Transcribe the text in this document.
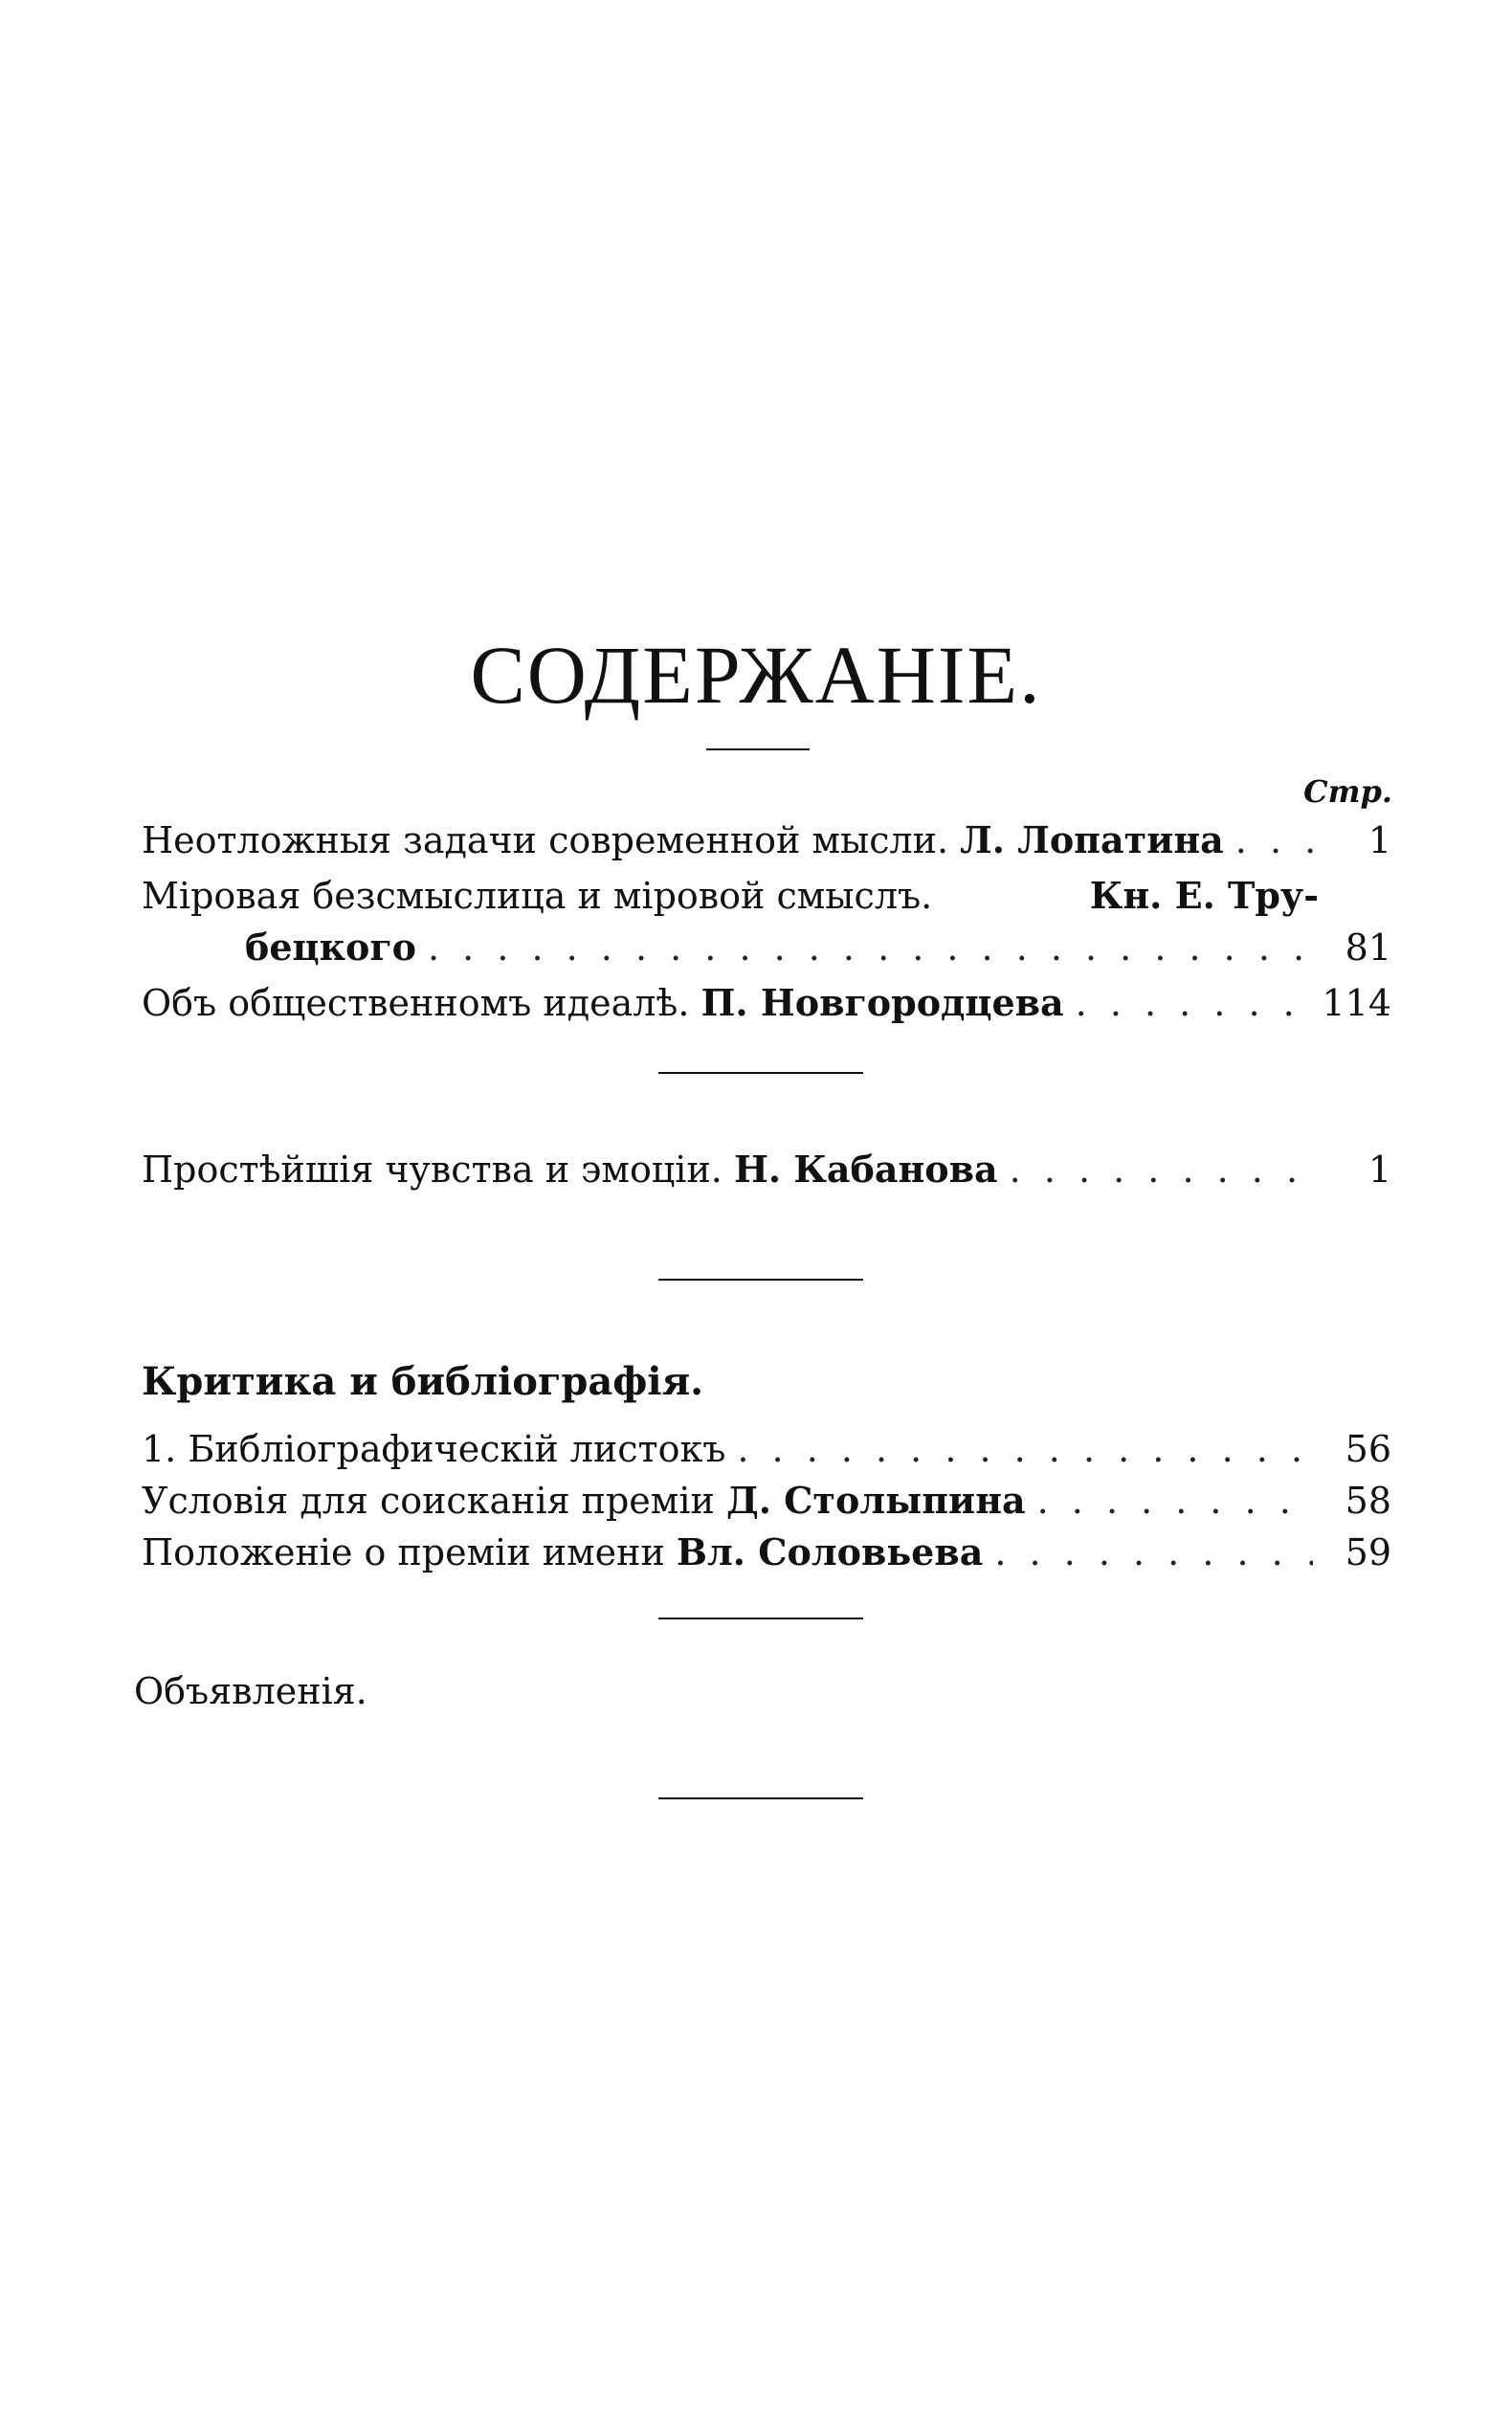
СОДЕРЖАНІЕ.
Стр.
Неотложныя задачи современной мысли. Л. Лопатина . . .	1
Міровая безсмыслица и міровой смыслъ.	Кн. Е. Тру-
бецкого . . .	81
Объ общественномъ идеалѣ. П. Новгородцева . . .	114
Простѣйшія чувства и эмоціи. Н. Кабанова . . .	1
Критика и библіографія.
1. Библіографическій листокъ . . .	56
Условія для соисканія преміи Д. Столыпина . . .	58
Положеніе о преміи имени Вл. Соловьева . . .	59
Объявленія.
